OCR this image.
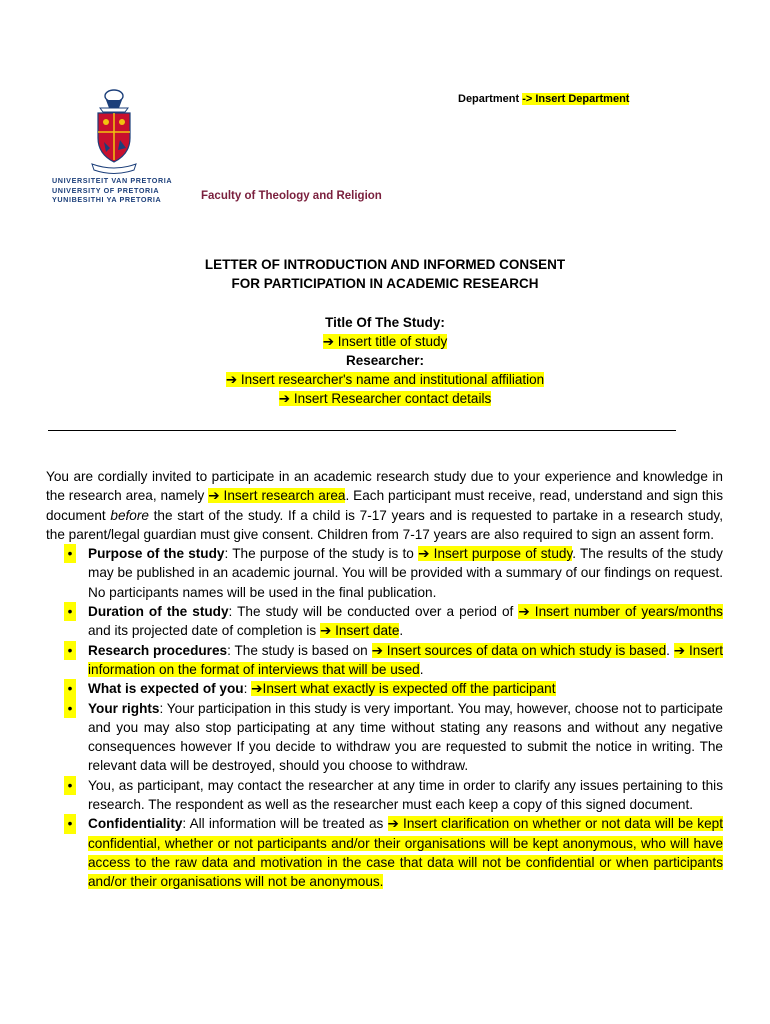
UNIVERSITEIT VAN PRETORIA
UNIVERSITY OF PRETORIA
YUNIBESITHI YA PRETORIA	Faculty of Theology and Religion
Department -> Insert Department
LETTER OF INTRODUCTION AND INFORMED CONSENT
FOR PARTICIPATION IN ACADEMIC RESEARCH
Title Of The Study:
➔ Insert title of study
Researcher:
➔ Insert researcher's name and institutional affiliation
➔ Insert Researcher contact details

You are cordially invited to participate in an academic research study due to your experience and knowledge in the research area, namely ➔ Insert research area. Each participant must receive, read, understand and sign this document before the start of the study. If a child is 7-17 years and is requested to partake in a research study, the parent/legal guardian must give consent. Children from 7-17 years are also required to sign an assent form.

• Purpose of the study: The purpose of the study is to ➔ Insert purpose of study. The results of the study may be published in an academic journal. You will be provided with a summary of our findings on request. No participants names will be used in the final publication.
• Duration of the study: The study will be conducted over a period of ➔ Insert number of years/months and its projected date of completion is ➔ Insert date.
• Research procedures: The study is based on ➔ Insert sources of data on which study is based. ➔ Insert information on the format of interviews that will be used.
• What is expected of you: ➔Insert what exactly is expected off the participant
• Your rights: Your participation in this study is very important. You may, however, choose not to participate and you may also stop participating at any time without stating any reasons and without any negative consequences however If you decide to withdraw you are requested to submit the notice in writing. The relevant data will be destroyed, should you choose to withdraw.
• You, as participant, may contact the researcher at any time in order to clarify any issues pertaining to this research. The respondent as well as the researcher must each keep a copy of this signed document.
• Confidentiality: All information will be treated as ➔ Insert clarification on whether or not data will be kept confidential, whether or not participants and/or their organisations will be kept anonymous, who will have access to the raw data and motivation in the case that data will not be confidential or when participants and/or their organisations will not be anonymous.
